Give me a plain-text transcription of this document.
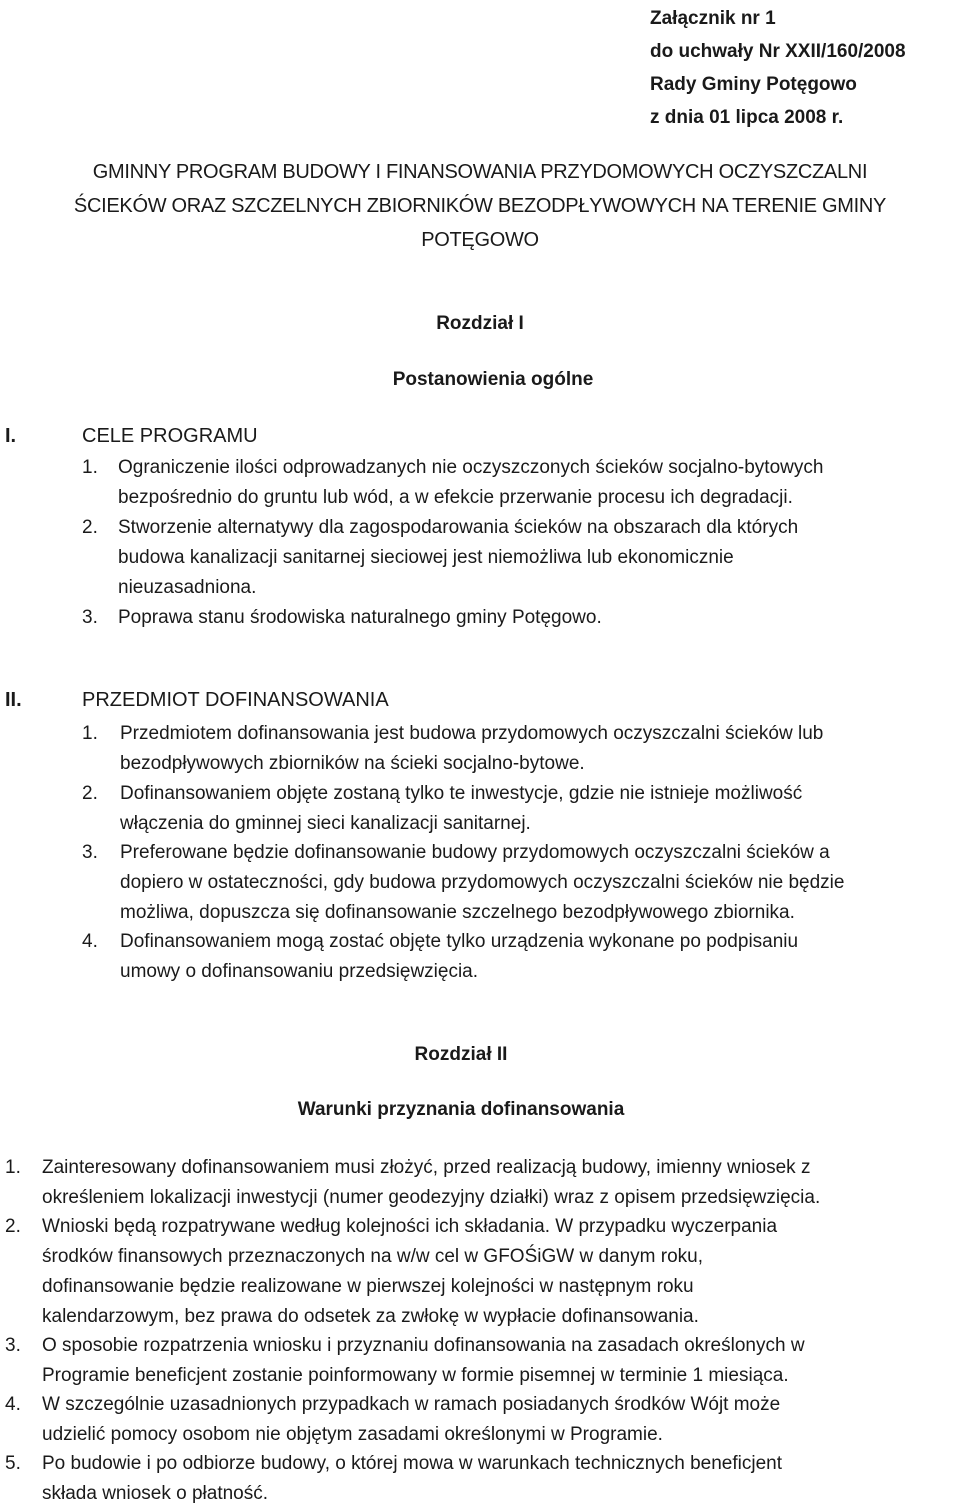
Załącznik nr 1
do uchwały Nr XXII/160/2008
Rady Gminy Potęgowo
z dnia 01 lipca 2008 r.
GMINNY PROGRAM BUDOWY I FINANSOWANIA PRZYDOMOWYCH OCZYSZCZALNI
ŚCIEKÓW ORAZ SZCZELNYCH ZBIORNIKÓW BEZODPŁYWOWYCH NA TERENIE GMINY
POTĘGOWO
Rozdział I
Postanowienia ogólne
I.	CELE PROGRAMU
1. Ograniczenie ilości odprowadzanych nie oczyszczonych ścieków socjalno-bytowych
bezpośrednio do gruntu lub wód, a w efekcie przerwanie procesu ich degradacji.
2. Stworzenie alternatywy dla zagospodarowania ścieków na obszarach dla których
budowa kanalizacji sanitarnej sieciowej jest niemożliwa lub ekonomicznie
nieuzasadniona.
3. Poprawa stanu środowiska naturalnego gminy Potęgowo.
II.	PRZEDMIOT DOFINANSOWANIA
1. Przedmiotem dofinansowania jest budowa przydomowych oczyszczalni ścieków lub
bezodpływowych zbiorników na ścieki socjalno-bytowe.
2. Dofinansowaniem objęte zostaną tylko te inwestycje, gdzie nie istnieje możliwość
włączenia do gminnej sieci kanalizacji sanitarnej.
3. Preferowane będzie dofinansowanie budowy przydomowych oczyszczalni ścieków a
dopiero w ostateczności, gdy budowa przydomowych oczyszczalni ścieków nie będzie
możliwa, dopuszcza się dofinansowanie szczelnego bezodpływowego zbiornika.
4. Dofinansowaniem mogą zostać objęte tylko urządzenia wykonane po podpisaniu
umowy o dofinansowaniu przedsięwzięcia.
Rozdział II
Warunki przyznania dofinansowania
1. Zainteresowany dofinansowaniem musi złożyć, przed realizacją budowy, imienny wniosek z
określeniem lokalizacji inwestycji (numer geodezyjny działki) wraz z opisem przedsięwzięcia.
2. Wnioski będą rozpatrywane według kolejności ich składania. W przypadku wyczerpania
środków finansowych przeznaczonych na w/w cel w GFOŚiGW w danym roku,
dofinansowanie będzie realizowane w pierwszej kolejności w następnym roku
kalendarzowym, bez prawa do odsetek za zwłokę w wypłacie dofinansowania.
3. O sposobie rozpatrzenia wniosku i przyznaniu dofinansowania na zasadach określonych w
Programie beneficjent zostanie poinformowany w formie pisemnej w terminie 1 miesiąca.
4. W szczególnie uzasadnionych przypadkach w ramach posiadanych środków Wójt może
udzielić pomocy osobom nie objętym zasadami określonymi w Programie.
5. Po budowie i po odbiorze budowy, o której mowa w warunkach technicznych beneficjent
składa wniosek o płatność.
